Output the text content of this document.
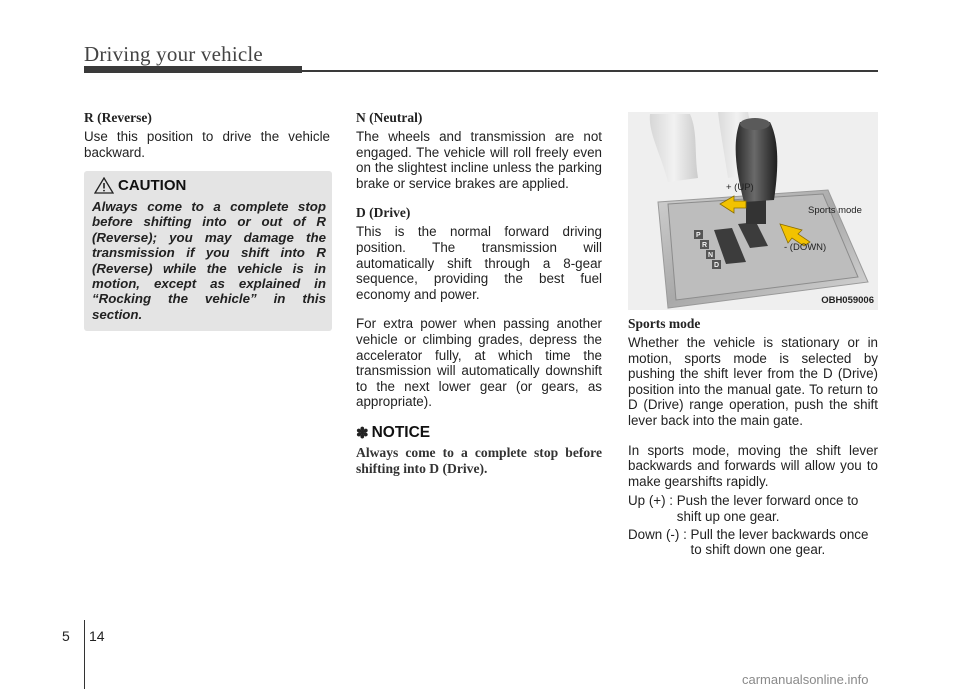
Driving your vehicle
R (Reverse)
Use this position to drive the vehicle backward.
CAUTION
Always come to a complete stop before shifting into or out of R (Reverse); you may damage the transmission if you shift into R (Reverse) while the vehicle is in motion, except as explained in “Rocking the vehicle” in this section.
N (Neutral)
The wheels and transmission are not engaged. The vehicle will roll freely even on the slightest incline unless the parking brake or service brakes are applied.
D (Drive)
This is the normal forward driving position. The transmission will automatically shift through a 8-gear sequence, providing the best fuel economy and power.
For extra power when passing another vehicle or climbing grades, depress the accelerator fully, at which time the transmission will automatically downshift to the next lower gear (or gears, as appropriate).
✽ NOTICE
Always come to a complete stop before shifting into D (Drive).
P
R
N
D
+ (UP)
Sports mode
- (DOWN)
OBH059006
Sports mode
Whether the vehicle is stationary or in motion, sports mode is selected by pushing the shift lever from the D (Drive) position into the manual gate. To return to D (Drive) range operation, push the shift lever back into the main gate.
In sports mode, moving the shift lever backwards and forwards will allow you to make gearshifts rapidly.
Up (+) : Push the lever forward once to shift up one gear.
Down (-) : Pull the lever backwards once to shift down one gear.
5 14
carmanualsonline.info
